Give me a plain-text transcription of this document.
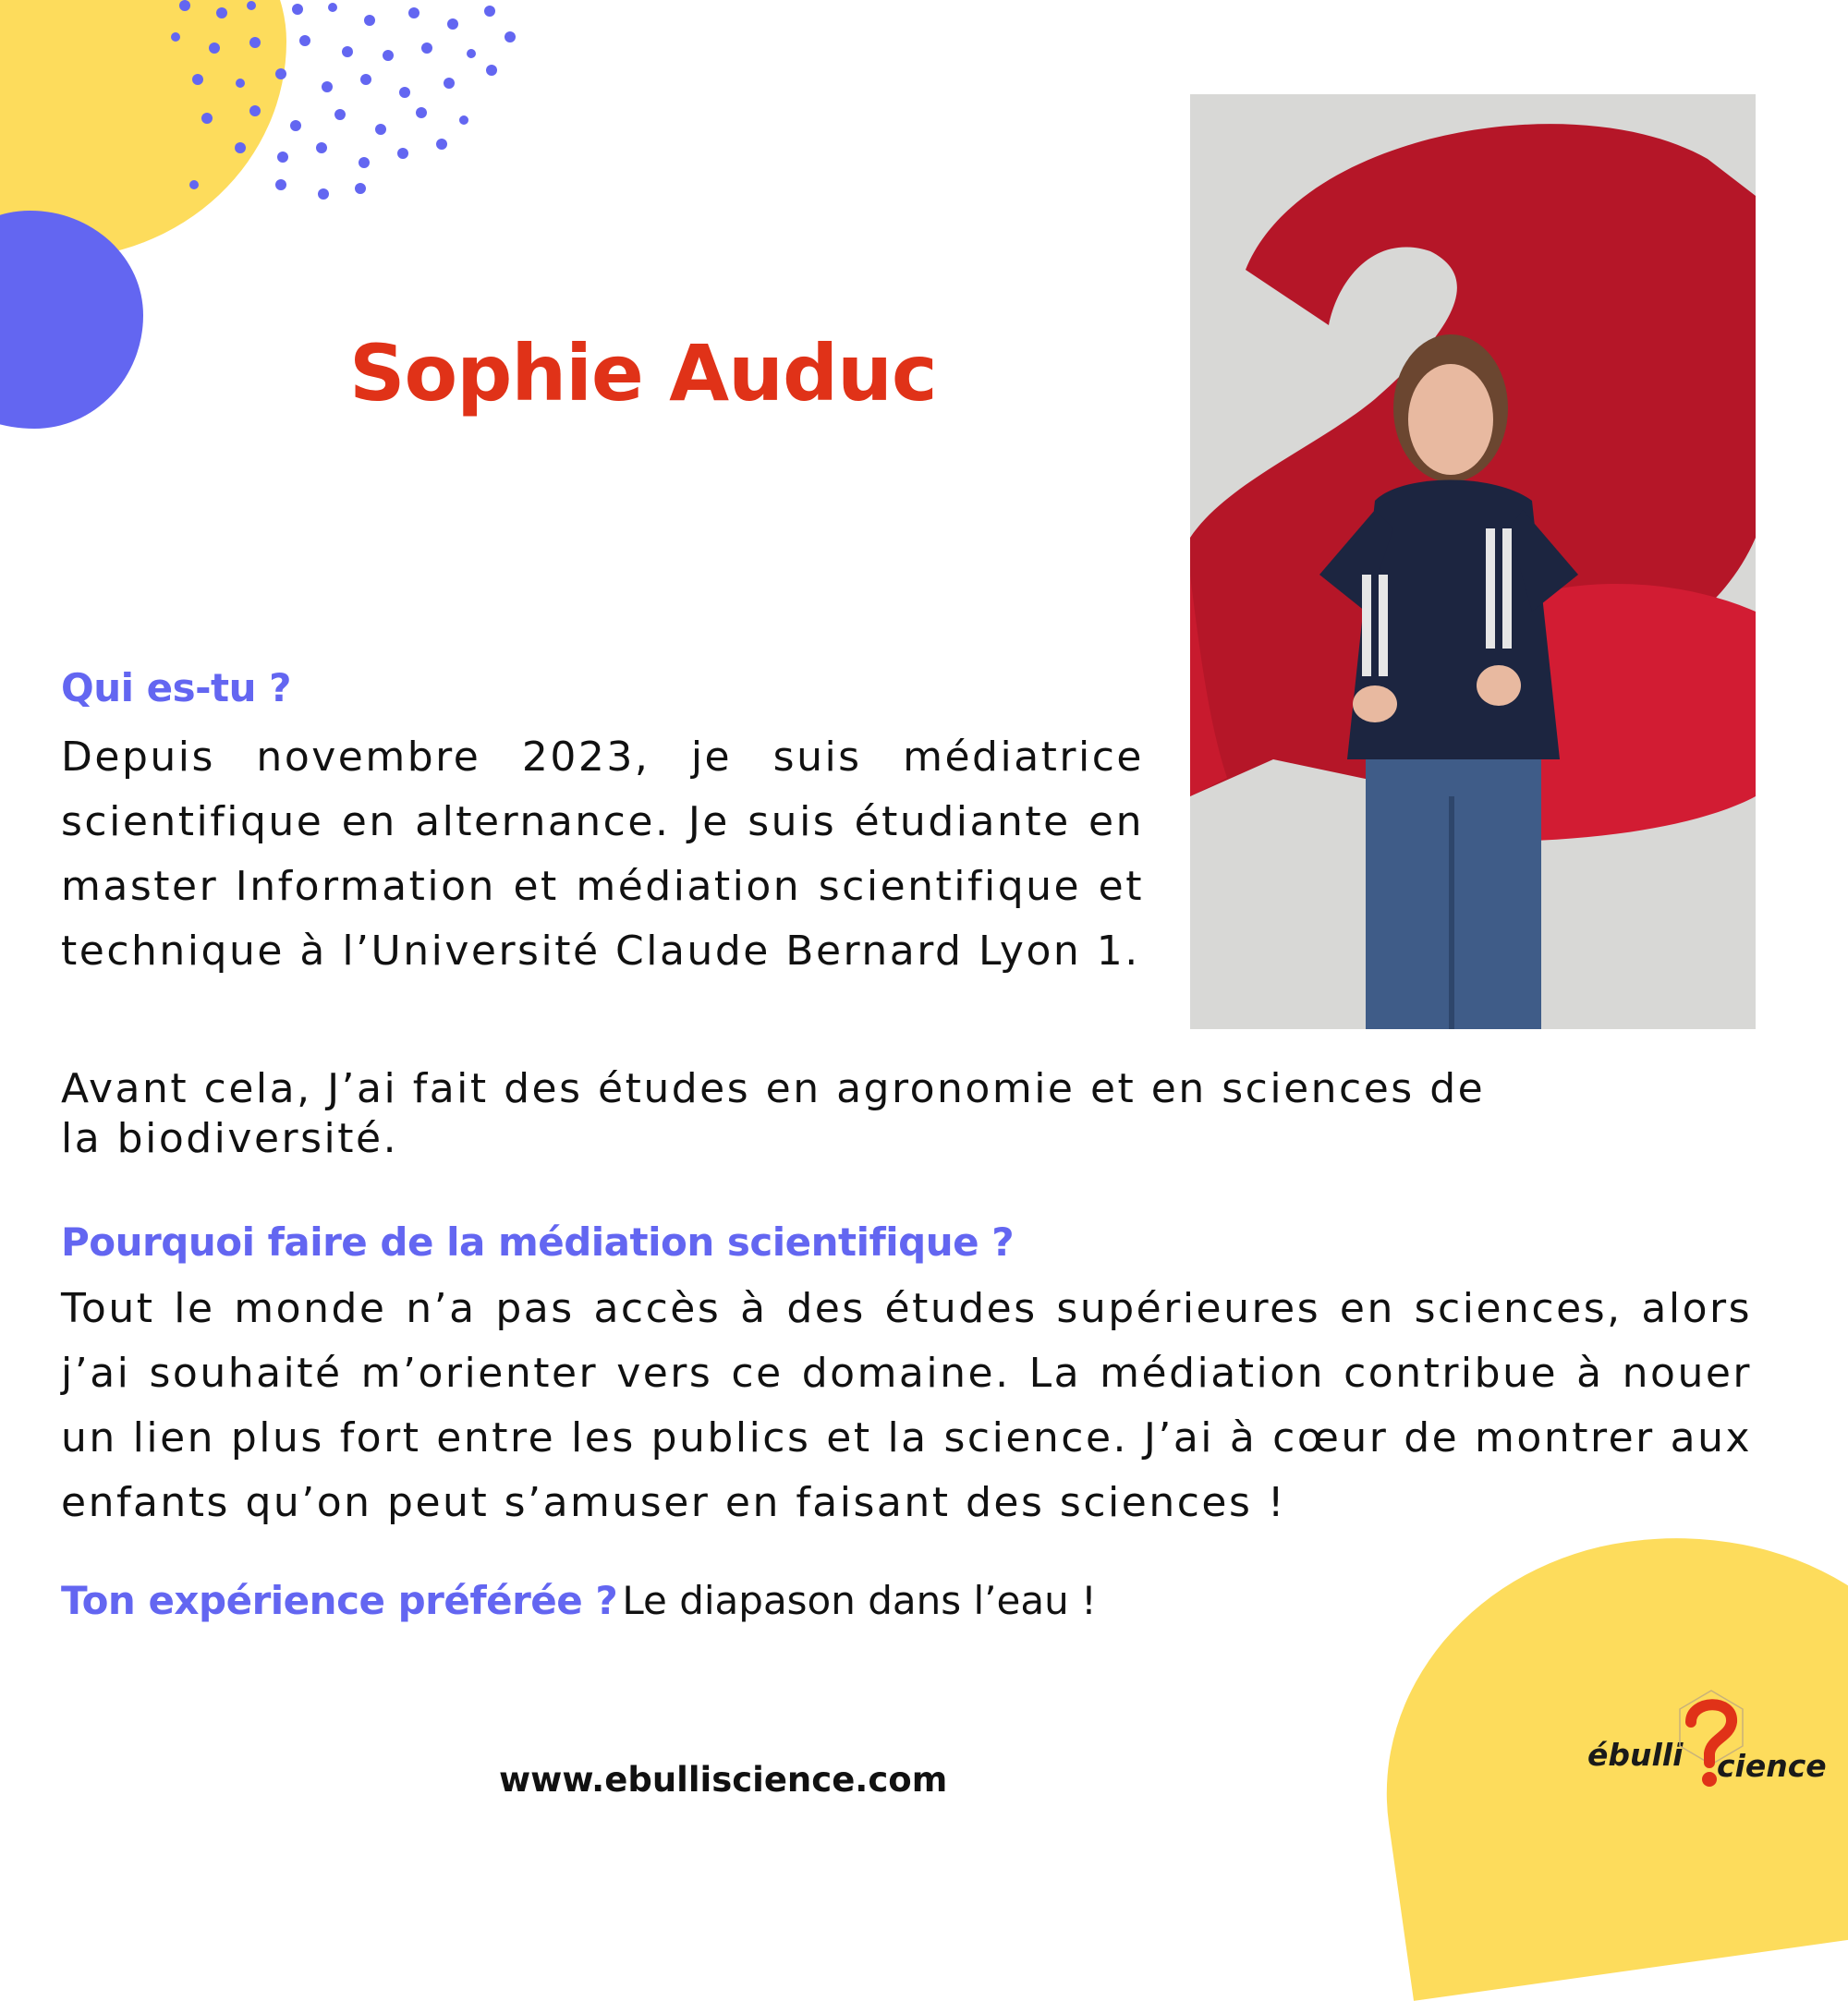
Sophie Auduc
Qui es-tu ?

Depuis novembre 2023, je suis médiatrice scientifique en alternance. Je suis étudiante en master Information et médiation scientifique et technique à l’Université Claude Bernard Lyon 1.

Avant cela, J’ai fait des études en agronomie et en sciences de la biodiversité.

Pourquoi faire de la médiation scientifique ?

Tout le monde n’a pas accès à des études supérieures en sciences, alors j’ai souhaité m’orienter vers ce domaine. La médiation contribue à nouer un lien plus fort entre les publics et la science. J’ai à cœur de montrer aux enfants qu’on peut s’amuser en faisant des sciences !

Ton expérience préférée ? Le diapason dans l’eau !

www.ebulliscience.com

ébulli cience
